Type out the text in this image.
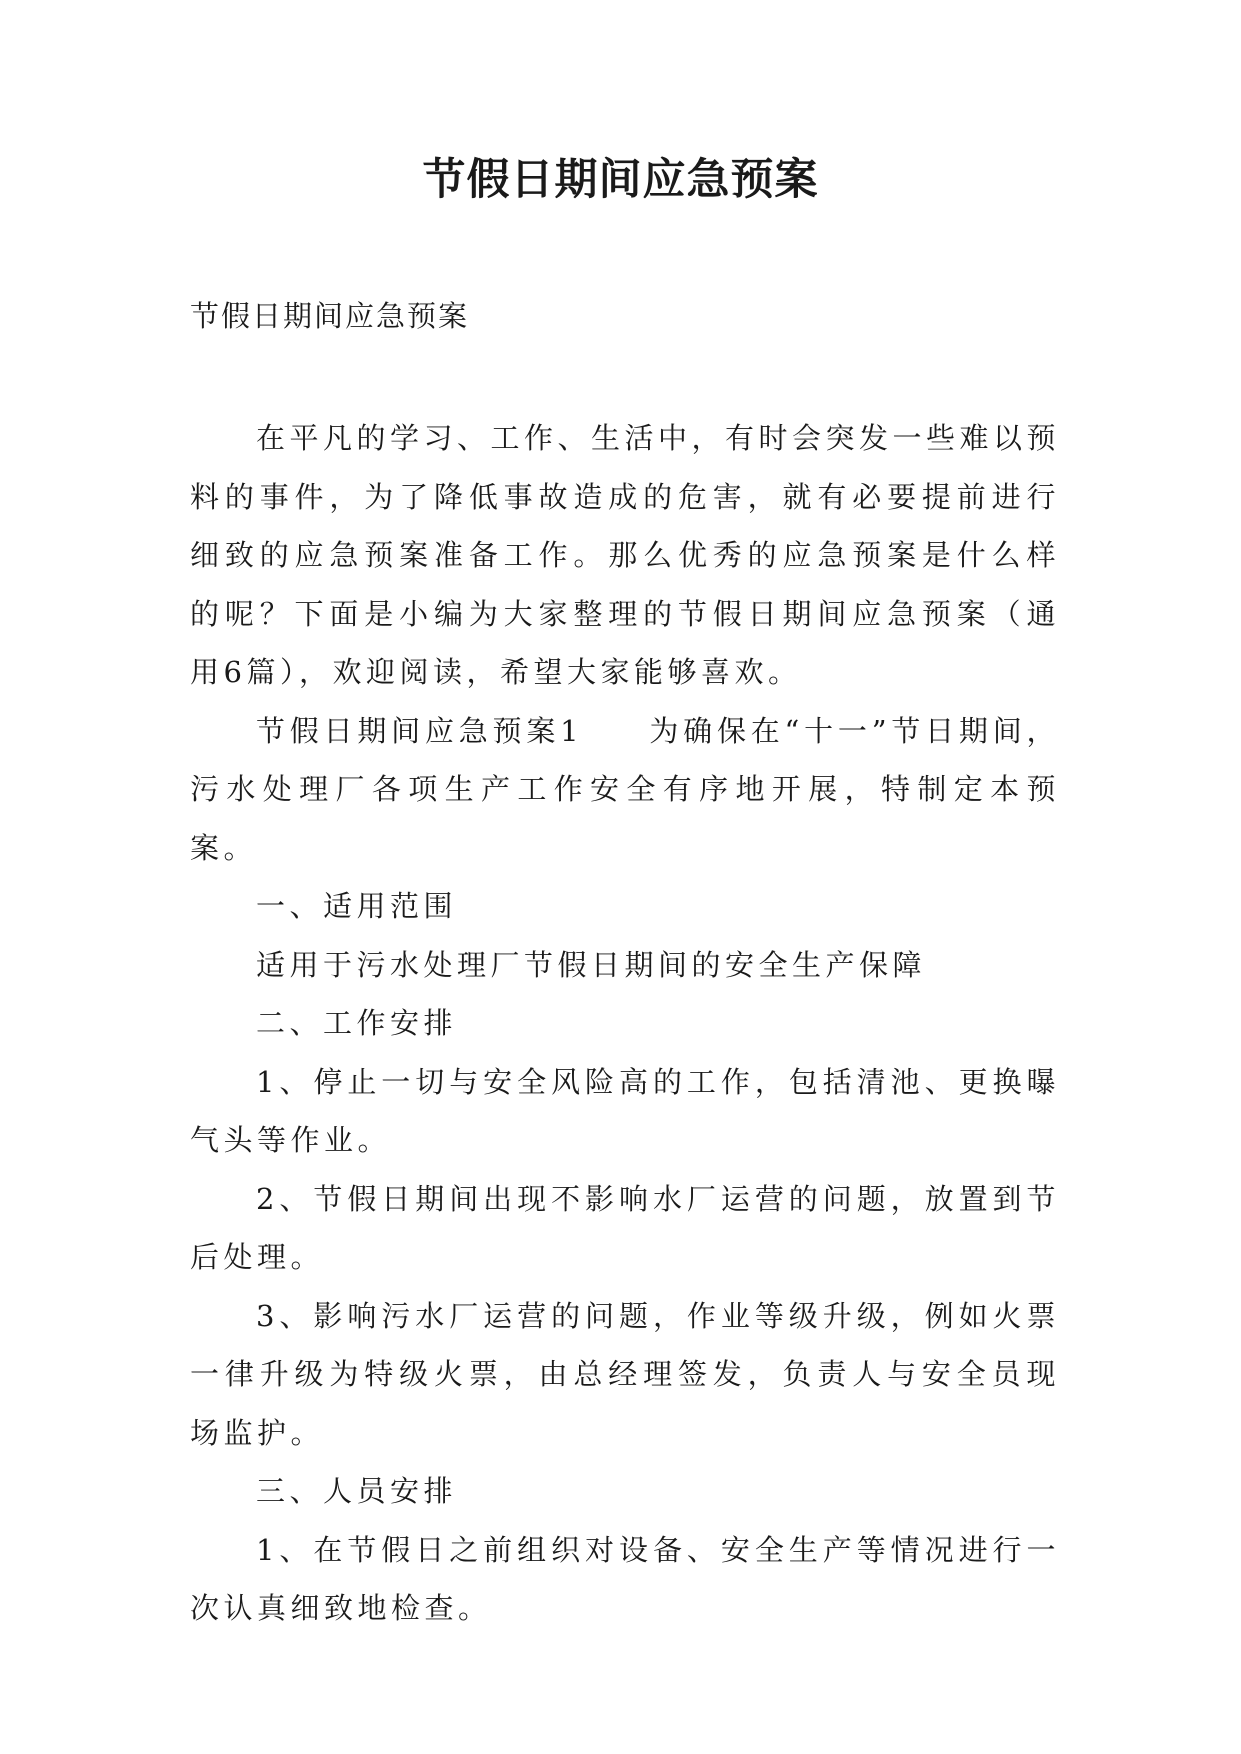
节假日期间应急预案

节假日期间应急预案

在平凡的学习、工作、生活中，有时会突发一些难以预料的事件，为了降低事故造成的危害，就有必要提前进行细致的应急预案准备工作。那么优秀的应急预案是什么样的呢？下面是小编为大家整理的节假日期间应急预案（通用6篇），欢迎阅读，希望大家能够喜欢。

节假日期间应急预案1 为确保在“十一”节日期间，污水处理厂各项生产工作安全有序地开展，特制定本预案。

一、适用范围

适用于污水处理厂节假日期间的安全生产保障

二、工作安排

1、停止一切与安全风险高的工作，包括清池、更换曝气头等作业。

2、节假日期间出现不影响水厂运营的问题，放置到节后处理。

3、影响污水厂运营的问题，作业等级升级，例如火票一律升级为特级火票，由总经理签发，负责人与安全员现场监护。

三、人员安排

1、在节假日之前组织对设备、安全生产等情况进行一次认真细致地检查。
